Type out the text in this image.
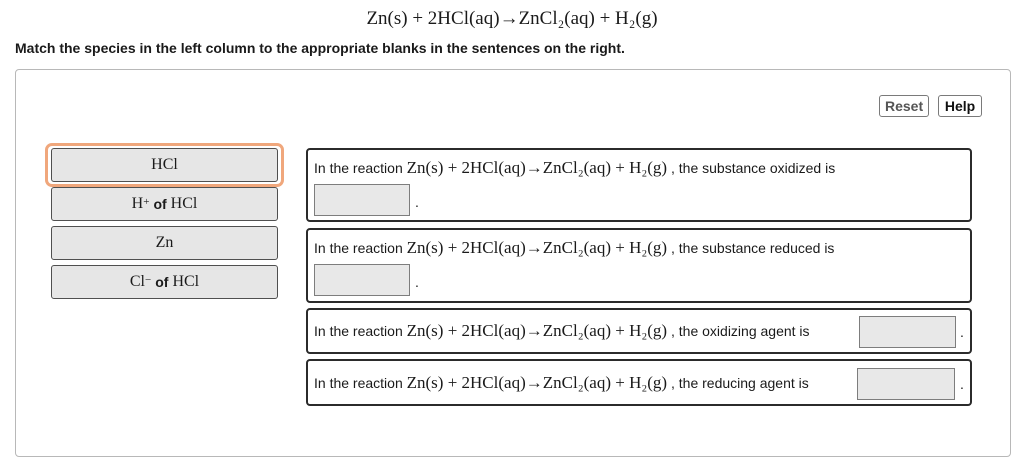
Zn(s) + 2HCl(aq)→ZnCl₂(aq) + H₂(g)
Match the species in the left column to the appropriate blanks in the sentences on the right.
Reset	Help
HCl
H+ of HCl
Zn
Cl− of HCl
In the reaction Zn(s) + 2HCl(aq)→ZnCl₂(aq) + H₂(g) , the substance oxidized is
.
In the reaction Zn(s) + 2HCl(aq)→ZnCl₂(aq) + H₂(g) , the substance reduced is
.
In the reaction Zn(s) + 2HCl(aq)→ZnCl₂(aq) + H₂(g) , the oxidizing agent is	.
In the reaction Zn(s) + 2HCl(aq)→ZnCl₂(aq) + H₂(g) , the reducing agent is	.
